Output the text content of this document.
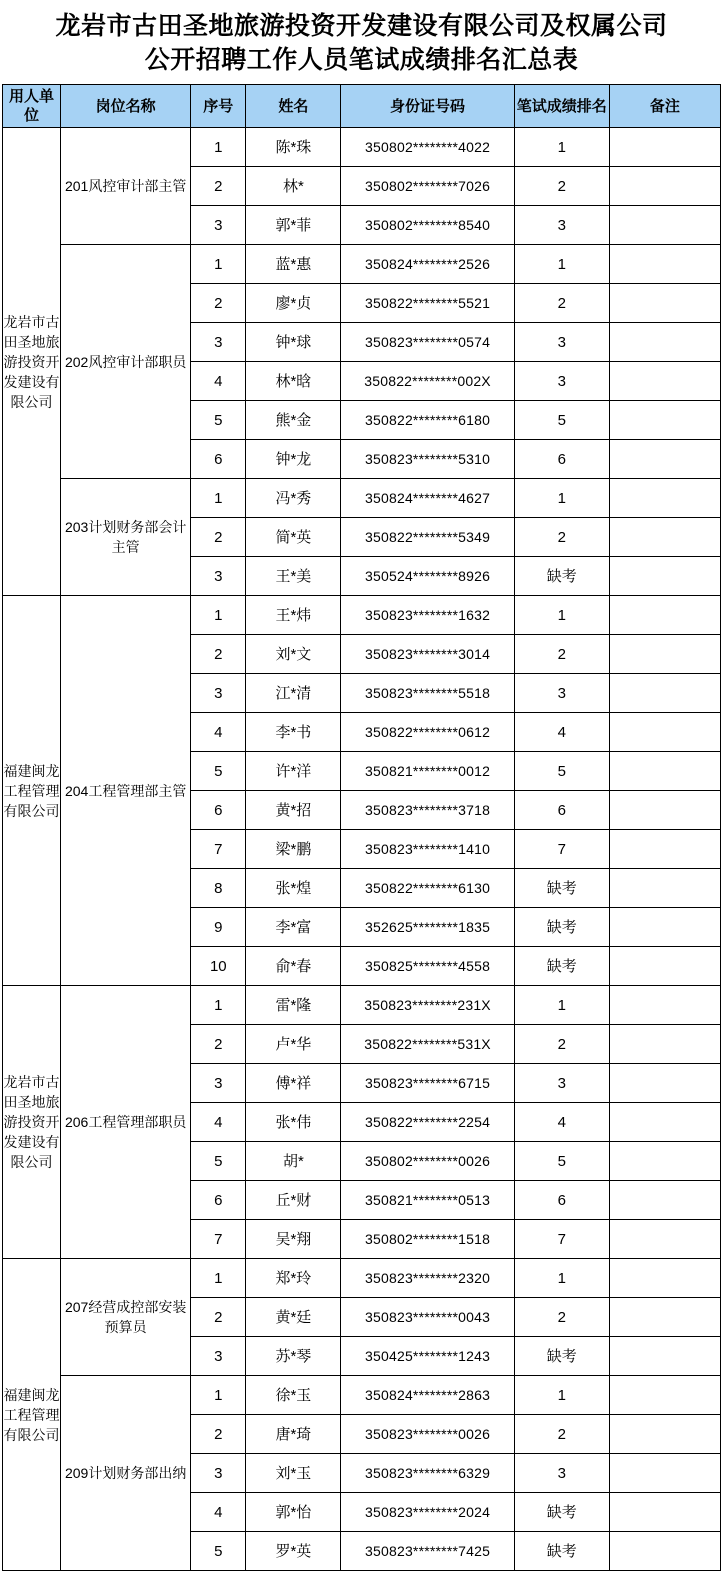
龙岩市古田圣地旅游投资开发建设有限公司及权属公司
公开招聘工作人员笔试成绩排名汇总表
用人单位	岗位名称	序号	姓名	身份证号码	笔试成绩排名	备注
龙岩市古田圣地旅游投资开发建设有限公司	201风控审计部主管	1	陈*珠	350802********4022	1	
		2	林*	350802********7026	2	
		3	郭*菲	350802********8540	3	
	202风控审计部职员	1	蓝*惠	350824********2526	1	
		2	廖*贞	350822********5521	2	
		3	钟*球	350823********0574	3	
		4	林*晗	350822********002X	3	
		5	熊*金	350822********6180	5	
		6	钟*龙	350823********5310	6	
	203计划财务部会计主管	1	冯*秀	350824********4627	1	
		2	简*英	350822********5349	2	
		3	王*美	350524********8926	缺考	
福建闽龙工程管理有限公司	204工程管理部主管	1	王*炜	350823********1632	1	
		2	刘*文	350823********3014	2	
		3	江*清	350823********5518	3	
		4	李*书	350822********0612	4	
		5	许*洋	350821********0012	5	
		6	黄*招	350823********3718	6	
		7	梁*鹏	350823********1410	7	
		8	张*煌	350822********6130	缺考	
		9	李*富	352625********1835	缺考	
		10	俞*春	350825********4558	缺考	
龙岩市古田圣地旅游投资开发建设有限公司	206工程管理部职员	1	雷*隆	350823********231X	1	
		2	卢*华	350822********531X	2	
		3	傅*祥	350823********6715	3	
		4	张*伟	350822********2254	4	
		5	胡*	350802********0026	5	
		6	丘*财	350821********0513	6	
		7	吴*翔	350802********1518	7	
福建闽龙工程管理有限公司	207经营成控部安装预算员	1	郑*玲	350823********2320	1	
		2	黄*廷	350823********0043	2	
		3	苏*琴	350425********1243	缺考	
	209计划财务部出纳	1	徐*玉	350824********2863	1	
		2	唐*琦	350823********0026	2	
		3	刘*玉	350823********6329	3	
		4	郭*怡	350823********2024	缺考	
		5	罗*英	350823********7425	缺考	
